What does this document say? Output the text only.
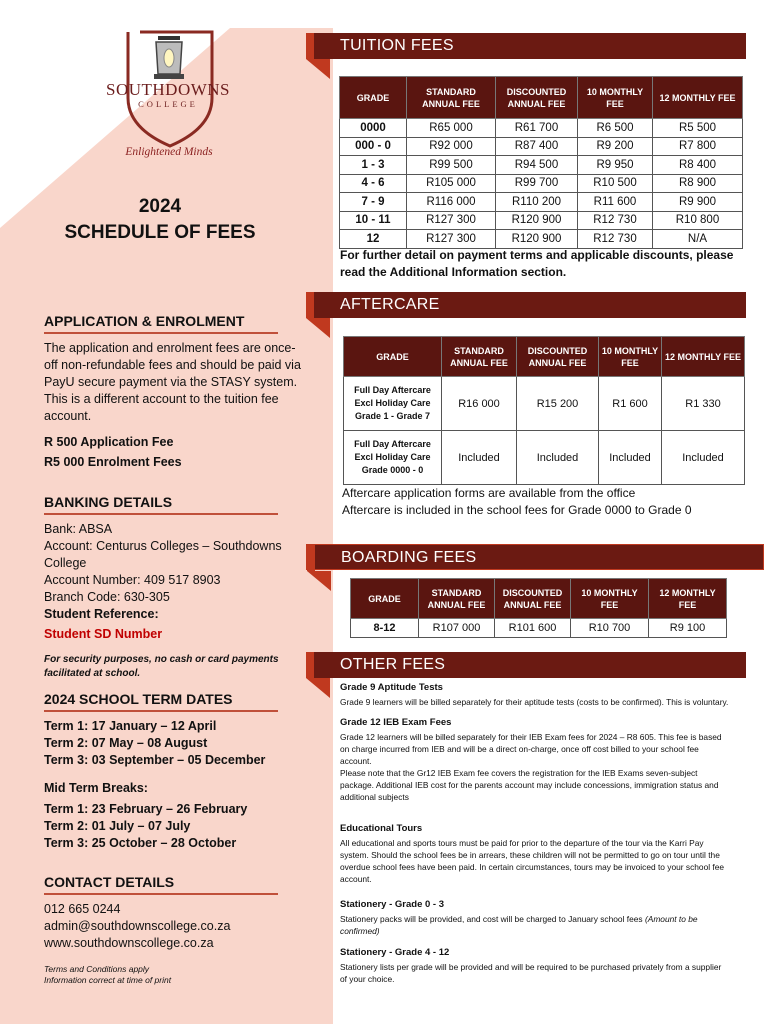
SOUTHDOWNS
COLLEGE
Enlightened Minds
2024
SCHEDULE OF FEES
APPLICATION & ENROLMENT
The application and enrolment fees are once-off non-refundable fees and should be paid via PayU secure payment via the STASY system. This is a different account to the tuition fee account.
R 500 Application Fee
R5 000 Enrolment Fees
BANKING DETAILS
Bank: ABSA
Account: Centurus Colleges – Southdowns College
Account Number: 409 517 8903
Branch Code: 630-305
Student Reference:
Student SD Number
For security purposes, no cash or card payments facilitated at school.
2024 SCHOOL TERM DATES
Term 1: 17 January – 12 April
Term 2: 07 May – 08 August
Term 3: 03 September – 05 December
Mid Term Breaks:
Term 1: 23 February – 26 February
Term 2: 01 July – 07 July
Term 3: 25 October – 28 October
CONTACT DETAILS
012 665 0244
admin@southdownscollege.co.za
www.southdownscollege.co.za
Terms and Conditions apply
Information correct at time of print
TUITION FEES
GRADE	STANDARD ANNUAL FEE	DISCOUNTED ANNUAL FEE	10 MONTHLY FEE	12 MONTHLY FEE
0000	R65 000	R61 700	R6 500	R5 500
000 - 0	R92 000	R87 400	R9 200	R7 800
1 - 3	R99 500	R94 500	R9 950	R8 400
4 - 6	R105 000	R99 700	R10 500	R8 900
7 - 9	R116 000	R110 200	R11 600	R9 900
10 - 11	R127 300	R120 900	R12 730	R10 800
12	R127 300	R120 900	R12 730	N/A
For further detail on payment terms and applicable discounts, please read the Additional Information section.
AFTERCARE
GRADE	STANDARD ANNUAL FEE	DISCOUNTED ANNUAL FEE	10 MONTHLY FEE	12 MONTHLY FEE
Full Day Aftercare Excl Holiday Care Grade 1 - Grade 7	R16 000	R15 200	R1 600	R1 330
Full Day Aftercare Excl Holiday Care Grade 0000 - 0	Included	Included	Included	Included
Aftercare application forms are available from the office
Aftercare is included in the school fees for Grade 0000 to Grade 0
BOARDING FEES
GRADE	STANDARD ANNUAL FEE	DISCOUNTED ANNUAL FEE	10 MONTHLY FEE	12 MONTHLY FEE
8-12	R107 000	R101 600	R10 700	R9 100
OTHER FEES
Grade 9 Aptitude Tests

Grade 9 learners will be billed separately for their aptitude tests (costs to be confirmed). This is voluntary.

Grade 12 IEB Exam Fees

Grade 12 learners will be billed separately for their IEB Exam fees for 2024 – R8 605. This fee is based on charge incurred from IEB and will be a direct on-charge, once off cost billed to your school fee account.

Please note that the Gr12 IEB Exam fee covers the registration for the IEB Exams seven-subject package. Additional IEB cost for the parents account may include concessions, immigration status and additional subjects

Educational Tours

All educational and sports tours must be paid for prior to the departure of the tour via the Karri Pay system. Should the school fees be in arrears, these children will not be permitted to go on tour until the overdue school fees have been paid. In certain circumstances, tours may be invoiced to your school fee account.

Stationery - Grade 0 - 3

Stationery packs will be provided, and cost will be charged to January school fees (Amount to be confirmed)

Stationery - Grade 4 - 12

Stationery lists per grade will be provided and will be required to be purchased privately from a supplier of your choice.
